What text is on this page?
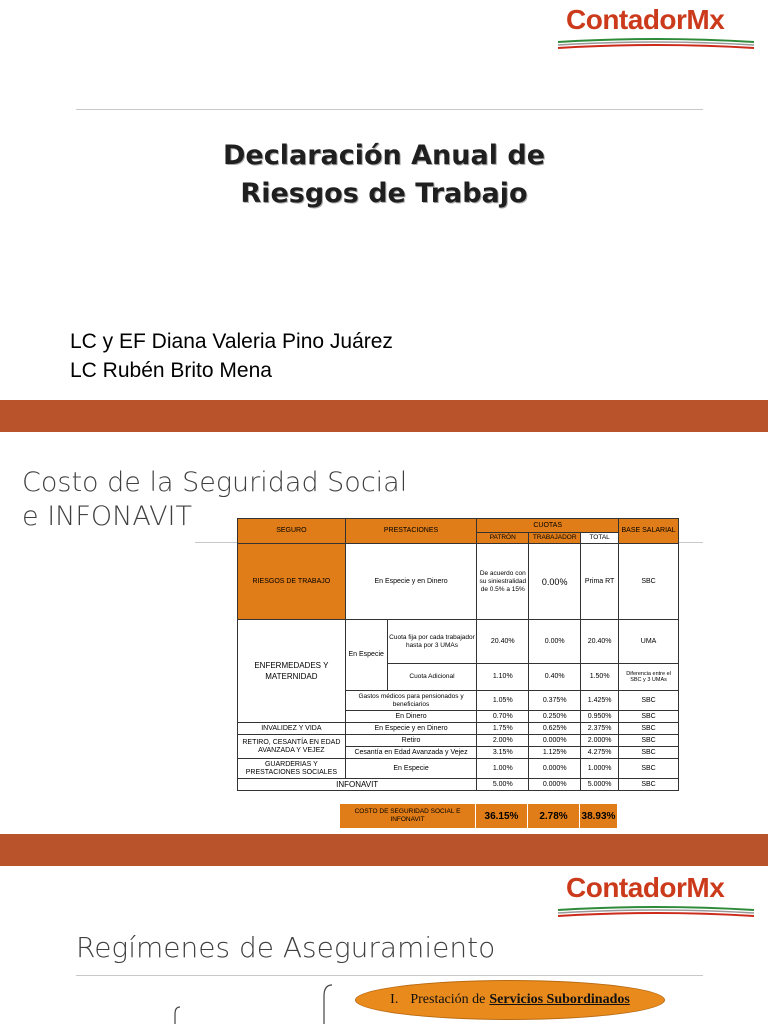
ContadorMx
Declaración Anual de
Riesgos de Trabajo
LC y EF Diana Valeria Pino Juárez
LC Rubén Brito Mena
Costo de la Seguridad Social
e INFONAVIT	SEGURO	PRESTACIONES		CUOTAS			BASE SALARIAL
			PATRÓN	TRABAJADOR	TOTAL	
RIESGOS DE TRABAJO	En Especie y en Dinero		De acuerdo con su siniestralidad de 0.5% a 15%	0.00%	Prima RT	SBC
ENFERMEDADES Y MATERNIDAD	En Especie	Cuota fija por cada trabajador hasta por 3 UMAs	20.40%	0.00%	20.40%	UMA
		Cuota Adicional	1.10%	0.40%	1.50%	Diferencia entre el SBC y 3 UMAs
	Gastos médicos para pensionados y beneficiarios		1.05%	0.375%	1.425%	SBC
	En Dinero		0.70%	0.250%	0.950%	SBC
INVALIDEZ Y VIDA	En Especie y en Dinero		1.75%	0.625%	2.375%	SBC
RETIRO, CESANTÍA EN EDAD AVANZADA Y VEJEZ	Retiro		2.00%	0.000%	2.000%	SBC
	Cesantía en Edad Avanzada y Vejez		3.15%	1.125%	4.275%	SBC
GUARDERIAS Y PRESTACIONES SOCIALES	En Especie		1.00%	0.000%	1.000%	SBC
INFONAVIT			5.00%	0.000%	5.000%	SBC
COSTO DE SEGURIDAD SOCIAL E INFONAVIT	36.15%	2.78%	38.93%
ContadorMx
Regímenes de Aseguramiento
I. Prestación de Servicios Subordinados
